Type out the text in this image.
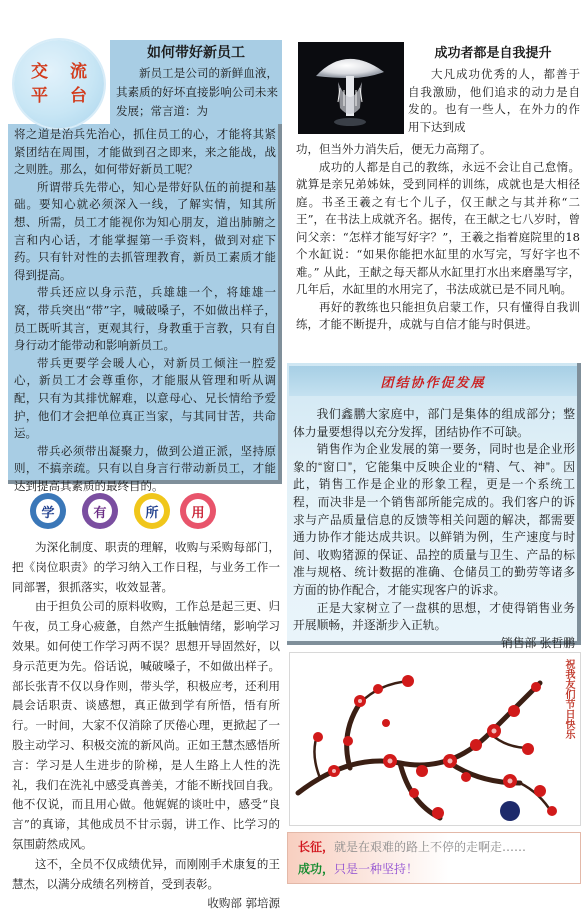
交 流
平 台
如何带好新员工
新员工是公司的新鲜血液，其素质的好坏直接影响公司未来发展；常言道：为

将之道是治兵先治心，抓住员工的心，才能将其紧紧团结在周围，才能做到召之即来，来之能战，战之则胜。那么，如何带好新员工呢？

所谓带兵先带心，知心是带好队伍的前提和基础。要知心就必须深入一线，了解实情，知其所想、所需，员工才能视你为知心朋友，道出肺腑之言和内心话，才能掌握第一手资料，做到对症下药。只有针对性的去抓管理教育，新员工素质才能得到提高。

带兵还应以身示范，兵雄雄一个，将雄雄一窝，带兵突出“带”字，喊破嗓子，不如做出样子，员工既听其言，更观其行，身教重于言教，只有自身行动才能带动和影响新员工。

带兵更要学会暖人心，对新员工倾注一腔爱心，新员工才会尊重你，才能服从管理和听从调配，只有为其排忧解难，以意母心、兄长情给予爱护，他们才会把单位真正当家，与其同甘苦，共命运。

带兵必须带出凝聚力，做到公道正派，坚持原则，不搞亲疏。只有以自身言行带动新员工，才能达到提高其素质的最终目的。

学	有	所	用

为深化制度、职责的理解，收购与采购每部门，把《岗位职责》的学习纳入工作日程，与业务工作一同部署，狠抓落实，收效显著。

由于担负公司的原料收购，工作总是起三更、归午夜，员工身心疲惫，自然产生抵触情绪，影响学习效果。如何使工作学习两不误？思想开导固然好，以身示范更为先。俗话说，喊破嗓子，不如做出样子。部长张青不仅以身作则，带头学，积极应考，还利用晨会话职责、谈感想，真正做到学有所悟，悟有所行。一时间，大家不仅消除了厌倦心理，更掀起了一股主动学习、积极交流的新风尚。正如王慧杰感悟所言：学习是人生进步的阶梯，是人生路上人性的洗礼，我们在洗礼中感受真善美，才能不断找回自我。他不仅说，而且用心做。他娓娓的谈吐中，感受“良言”的真谛，其他成员不甘示弱，讲工作、比学习的氛围蔚然成风。

这不，全员不仅成绩优异，而刚刚手术康复的王慧杰，以满分成绩名列榜首，受到表彰。

收购部 郭培源

成功者都是自我提升
大凡成功优秀的人，都善于自我激励，他们追求的动力是自发的。也有一些人，在外力的作用下达到成

功，但当外力消失后，便无力高翔了。

成功的人都是自己的教练，永远不会让自己怠惰。就算是亲兄弟姊妹，受到同样的训练，成就也是大相径庭。书圣王羲之有七个儿子，仅王献之与其并称“二王”，在书法上成就齐名。据传，在王献之七八岁时，曾问父亲：“怎样才能写好字？”，王羲之指着庭院里的18个水缸说：“如果你能把水缸里的水写完，写好字也不难。” 从此，王献之每天都从水缸里打水出来磨墨写字，几年后，水缸里的水用完了，书法成就已是不同凡响。

再好的教练也只能担负启蒙工作，只有懂得自我训练，才能不断提升，成就与自信才能与时俱进。

团结协作促发展

我们鑫鹏大家庭中，部门是集体的组成部分；整体力量要想得以充分发挥，团结协作不可缺。

销售作为企业发展的第一要务，同时也是企业形象的“窗口”，它能集中反映企业的“精、气、神”。因此，销售工作是企业的形象工程，更是一个系统工程，而决非是一个销售部所能完成的。我们客户的诉求与产品质量信息的反馈等相关问题的解决，都需要通力协作才能达成共识。以鲜销为例，生产速度与时间、收购猪源的保证、品控的质量与卫生、产品的标准与规格、统计数据的准确、仓储员工的勤劳等诸多方面的协作配合，才能实现客户的诉求。

正是大家树立了一盘棋的思想，才使得销售业务开展顺畅，并逐渐步入正轨。

销售部 张哲鹏

祝我友们节日快乐
klick
长征，就是在艰难的路上不停的走啊走……
成功，只是一种坚持！
